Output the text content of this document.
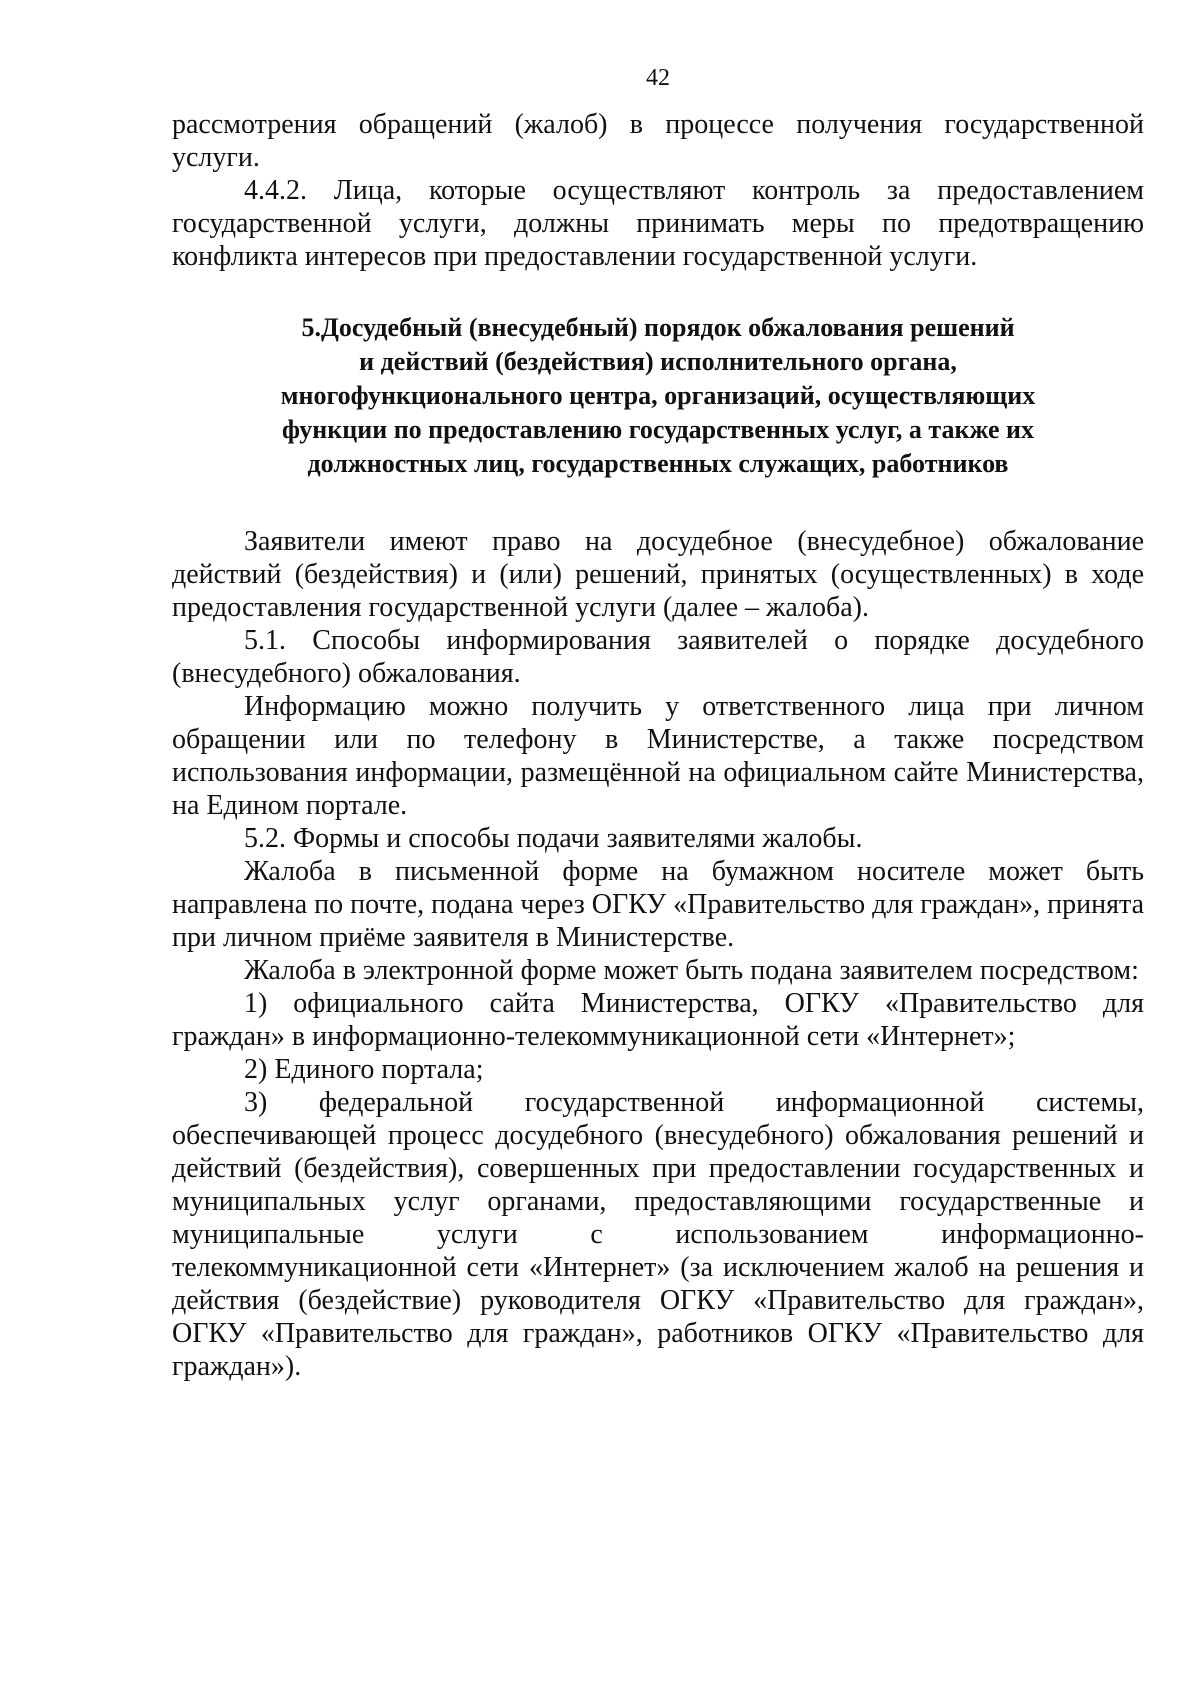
42

рассмотрения обращений (жалоб) в процессе получения государственной услуги.

4.4.2. Лица, которые осуществляют контроль за предоставлением государственной услуги, должны принимать меры по предотвращению конфликта интересов при предоставлении государственной услуги.

5.Досудебный (внесудебный) порядок обжалования решений
и действий (бездействия) исполнительного органа,
многофункционального центра, организаций, осуществляющих
функции по предоставлению государственных услуг, а также их
должностных лиц, государственных служащих, работников

Заявители имеют право на досудебное (внесудебное) обжалование действий (бездействия) и (или) решений, принятых (осуществленных) в ходе предоставления государственной услуги (далее – жалоба).

5.1. Способы информирования заявителей о порядке досудебного (внесудебного) обжалования.

Информацию можно получить у ответственного лица при личном обращении или по телефону в Министерстве, а также посредством использования информации, размещённой на официальном сайте Министерства, на Едином портале.

5.2. Формы и способы подачи заявителями жалобы.

Жалоба в письменной форме на бумажном носителе может быть направлена по почте, подана через ОГКУ «Правительство для граждан», принята при личном приёме заявителя в Министерстве.

Жалоба в электронной форме может быть подана заявителем посредством:

1) официального сайта Министерства, ОГКУ «Правительство для граждан» в информационно-телекоммуникационной сети «Интернет»;

2) Единого портала;

3) федеральной государственной информационной системы, обеспечивающей процесс досудебного (внесудебного) обжалования решений и действий (бездействия), совершенных при предоставлении государственных и муниципальных услуг органами, предоставляющими государственные и муниципальные услуги с использованием информационно-телекоммуникационной сети «Интернет» (за исключением жалоб на решения и действия (бездействие) руководителя ОГКУ «Правительство для граждан», ОГКУ «Правительство для граждан», работников ОГКУ «Правительство для граждан»).
